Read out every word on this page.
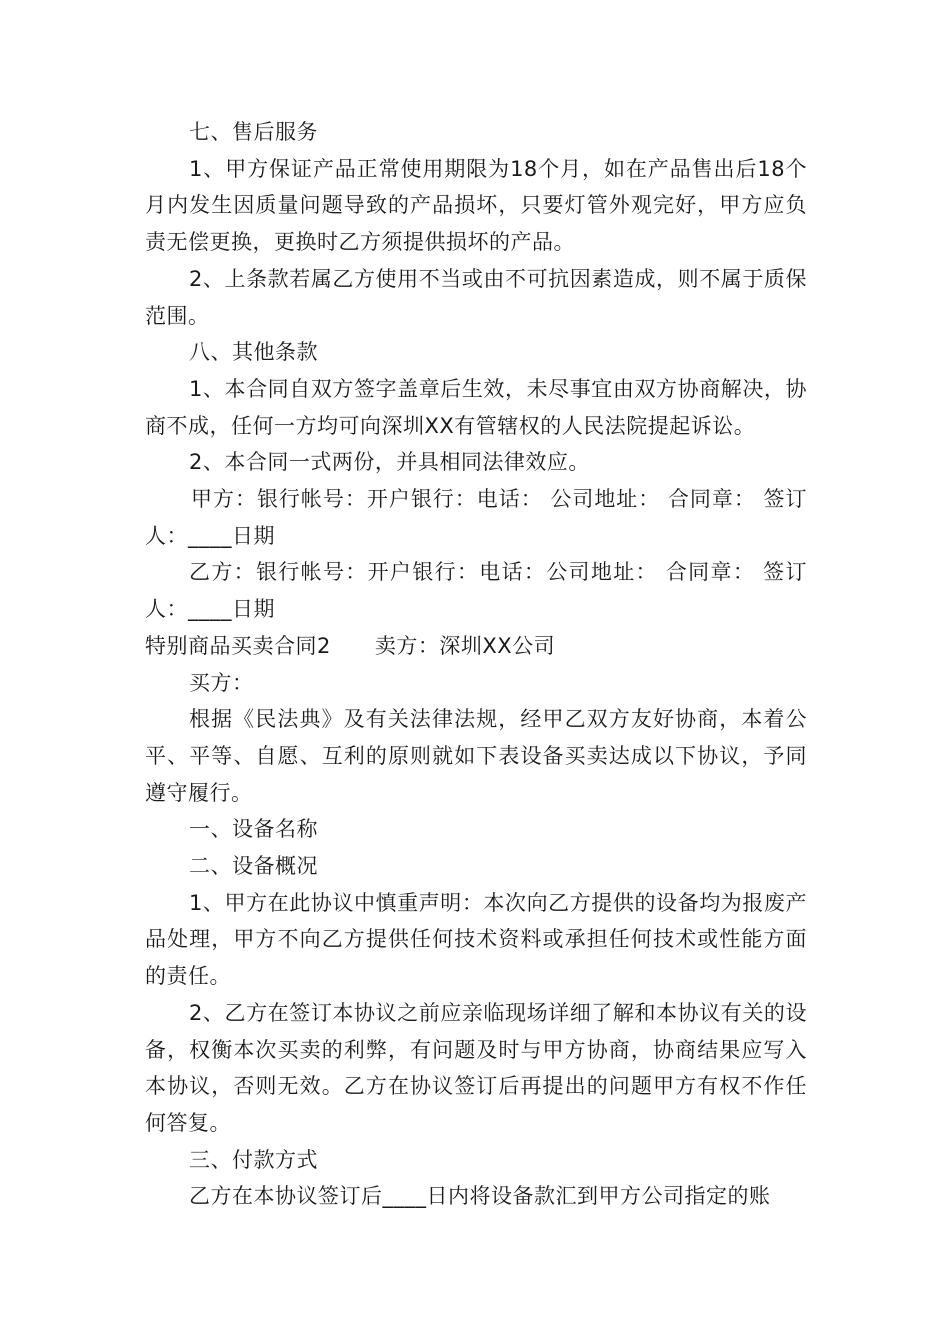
七、售后服务

1、甲方保证产品正常使用期限为18个月，如在产品售出后18个月内发生因质量问题导致的产品损坏，只要灯管外观完好，甲方应负责无偿更换，更换时乙方须提供损坏的产品。

2、上条款若属乙方使用不当或由不可抗因素造成，则不属于质保范围。

八、其他条款

1、本合同自双方签字盖章后生效，未尽事宜由双方协商解决，协商不成，任何一方均可向深圳XX有管辖权的人民法院提起诉讼。

2、本合同一式两份，并具相同法律效应。

甲方：银行帐号：开户银行：电话： 公司地址： 合同章： 签订人：____日期

乙方：银行帐号：开户银行：电话：公司地址： 合同章： 签订人：____日期

特别商品买卖合同2 卖方：深圳XX公司

买方：

根据《民法典》及有关法律法规，经甲乙双方友好协商，本着公平、平等、自愿、互利的原则就如下表设备买卖达成以下协议，予同遵守履行。

一、设备名称

二、设备概况

1、甲方在此协议中慎重声明：本次向乙方提供的设备均为报废产品处理，甲方不向乙方提供任何技术资料或承担任何技术或性能方面的责任。

2、乙方在签订本协议之前应亲临现场详细了解和本协议有关的设备，权衡本次买卖的利弊，有问题及时与甲方协商，协商结果应写入本协议，否则无效。乙方在协议签订后再提出的问题甲方有权不作任何答复。

三、付款方式

乙方在本协议签订后____日内将设备款汇到甲方公司指定的账
